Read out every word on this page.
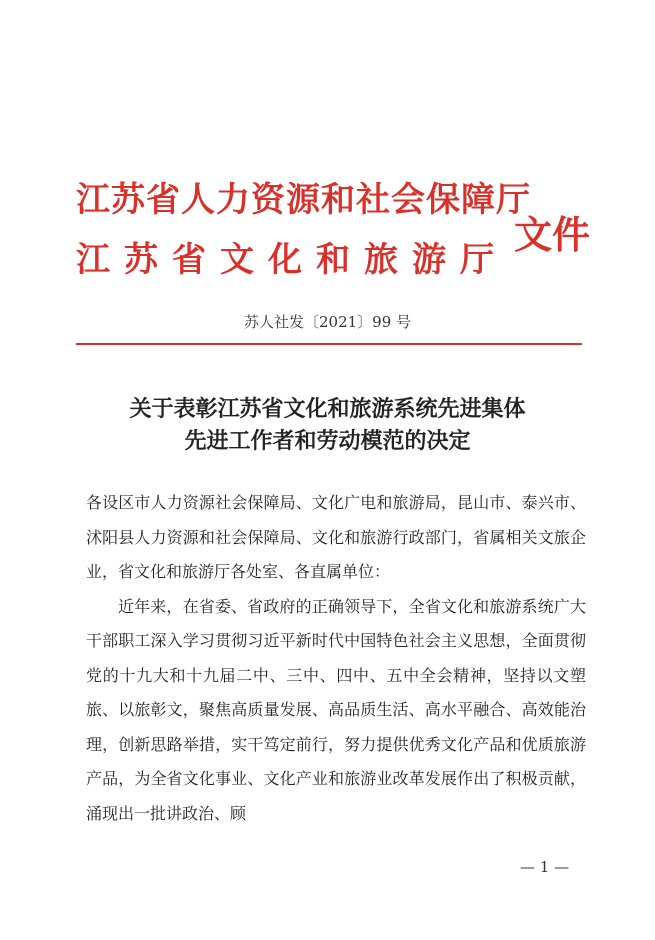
江苏省人力资源和社会保障厅
江苏省文化和旅游厅
文件
苏人社发〔2021〕99 号
关于表彰江苏省文化和旅游系统先进集体
先进工作者和劳动模范的决定

各设区市人力资源社会保障局、文化广电和旅游局，昆山市、泰兴市、沭阳县人力资源和社会保障局、文化和旅游行政部门，省属相关文旅企业，省文化和旅游厅各处室、各直属单位：

近年来，在省委、省政府的正确领导下，全省文化和旅游系统广大干部职工深入学习贯彻习近平新时代中国特色社会主义思想，全面贯彻党的十九大和十九届二中、三中、四中、五中全会精神，坚持以文塑旅、以旅彰文，聚焦高质量发展、高品质生活、高水平融合、高效能治理，创新思路举措，实干笃定前行，努力提供优秀文化产品和优质旅游产品，为全省文化事业、文化产业和旅游业改革发展作出了积极贡献，涌现出一批讲政治、顾

— 1 —
